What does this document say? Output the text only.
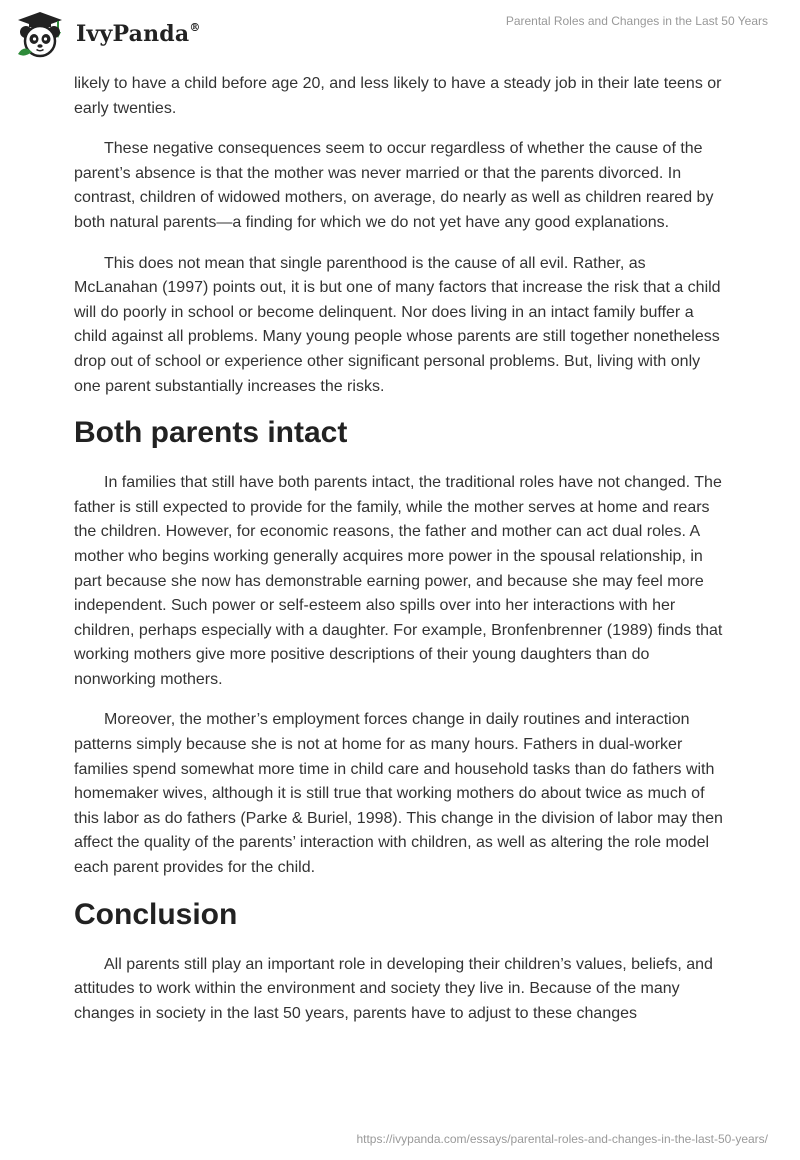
IvyPanda®	Parental Roles and Changes in the Last 50 Years

likely to have a child before age 20, and less likely to have a steady job in their late teens or early twenties.

These negative consequences seem to occur regardless of whether the cause of the parent’s absence is that the mother was never married or that the parents divorced. In contrast, children of widowed mothers, on average, do nearly as well as children reared by both natural parents—a finding for which we do not yet have any good explanations.

This does not mean that single parenthood is the cause of all evil. Rather, as McLanahan (1997) points out, it is but one of many factors that increase the risk that a child will do poorly in school or become delinquent. Nor does living in an intact family buffer a child against all problems. Many young people whose parents are still together nonetheless drop out of school or experience other significant personal problems. But, living with only one parent substantially increases the risks.

Both parents intact

In families that still have both parents intact, the traditional roles have not changed. The father is still expected to provide for the family, while the mother serves at home and rears the children. However, for economic reasons, the father and mother can act dual roles. A mother who begins working generally acquires more power in the spousal relationship, in part because she now has demonstrable earning power, and because she may feel more independent. Such power or self-esteem also spills over into her interactions with her children, perhaps especially with a daughter. For example, Bronfenbrenner (1989) finds that working mothers give more positive descriptions of their young daughters than do nonworking mothers.

Moreover, the mother’s employment forces change in daily routines and interaction patterns simply because she is not at home for as many hours. Fathers in dual-worker families spend somewhat more time in child care and household tasks than do fathers with homemaker wives, although it is still true that working mothers do about twice as much of this labor as do fathers (Parke & Buriel, 1998). This change in the division of labor may then affect the quality of the parents’ interaction with children, as well as altering the role model each parent provides for the child.

Conclusion

All parents still play an important role in developing their children’s values, beliefs, and attitudes to work within the environment and society they live in. Because of the many changes in society in the last 50 years, parents have to adjust to these changes

https://ivypanda.com/essays/parental-roles-and-changes-in-the-last-50-years/
